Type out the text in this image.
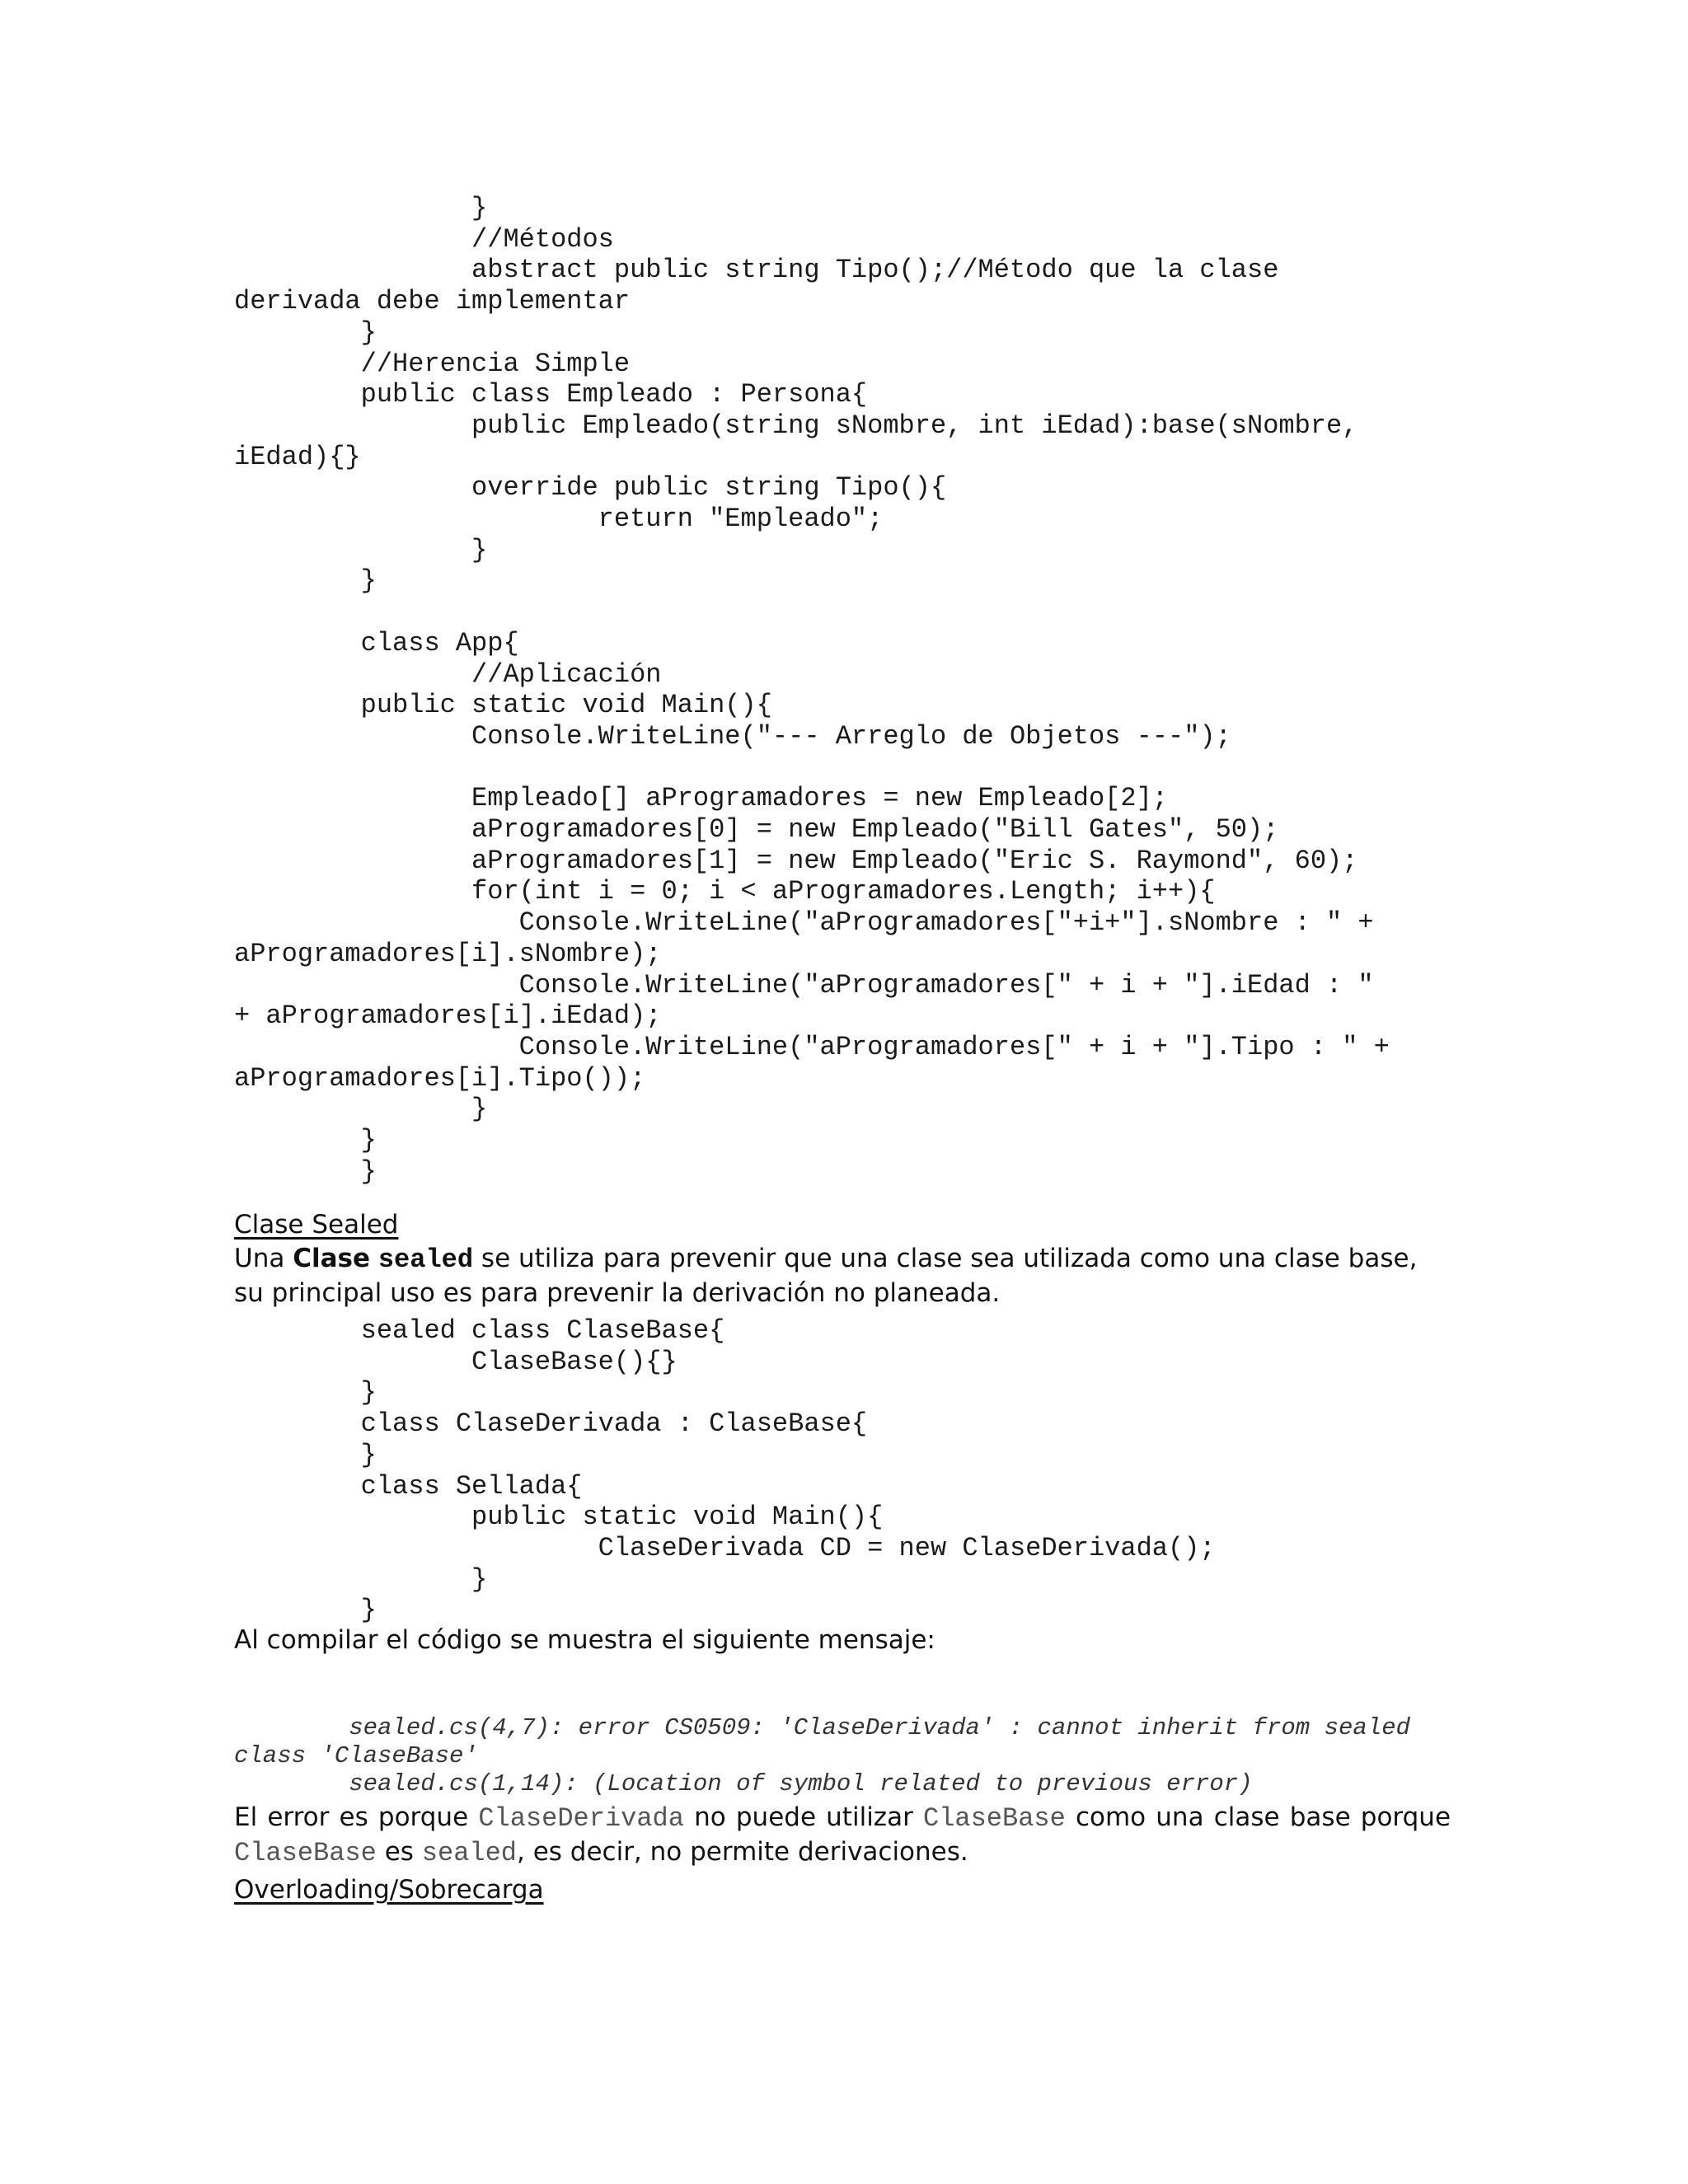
}
//Métodos
abstract public string Tipo();//Método que la clase
derivada debe implementar
}
//Herencia Simple
public class Empleado : Persona{
public Empleado(string sNombre, int iEdad):base(sNombre,
iEdad){}
override public string Tipo(){
return "Empleado";
}
}

class App{
//Aplicación
public static void Main(){
Console.WriteLine("--- Arreglo de Objetos ---");

Empleado[] aProgramadores = new Empleado[2];
aProgramadores[0] = new Empleado("Bill Gates", 50);
aProgramadores[1] = new Empleado("Eric S. Raymond", 60);
for(int i = 0; i < aProgramadores.Length; i++){
Console.WriteLine("aProgramadores["+i+"].sNombre : " +
aProgramadores[i].sNombre);
Console.WriteLine("aProgramadores[" + i + "].iEdad : "
+ aProgramadores[i].iEdad);
Console.WriteLine("aProgramadores[" + i + "].Tipo : " +
aProgramadores[i].Tipo());
}
}
}
Clase Sealed
Una Clase sealed se utiliza para prevenir que una clase sea utilizada como una clase base, su principal uso es para prevenir la derivación no planeada.
sealed class ClaseBase{
ClaseBase(){}
}
class ClaseDerivada : ClaseBase{
}
class Sellada{
public static void Main(){
ClaseDerivada CD = new ClaseDerivada();
}
}
Al compilar el código se muestra el siguiente mensaje:
sealed.cs(4,7): error CS0509: 'ClaseDerivada' : cannot inherit from sealed
class 'ClaseBase'
sealed.cs(1,14): (Location of symbol related to previous error)
El error es porque ClaseDerivada no puede utilizar ClaseBase como una clase base porque ClaseBase es sealed, es decir, no permite derivaciones.
Overloading/Sobrecarga
